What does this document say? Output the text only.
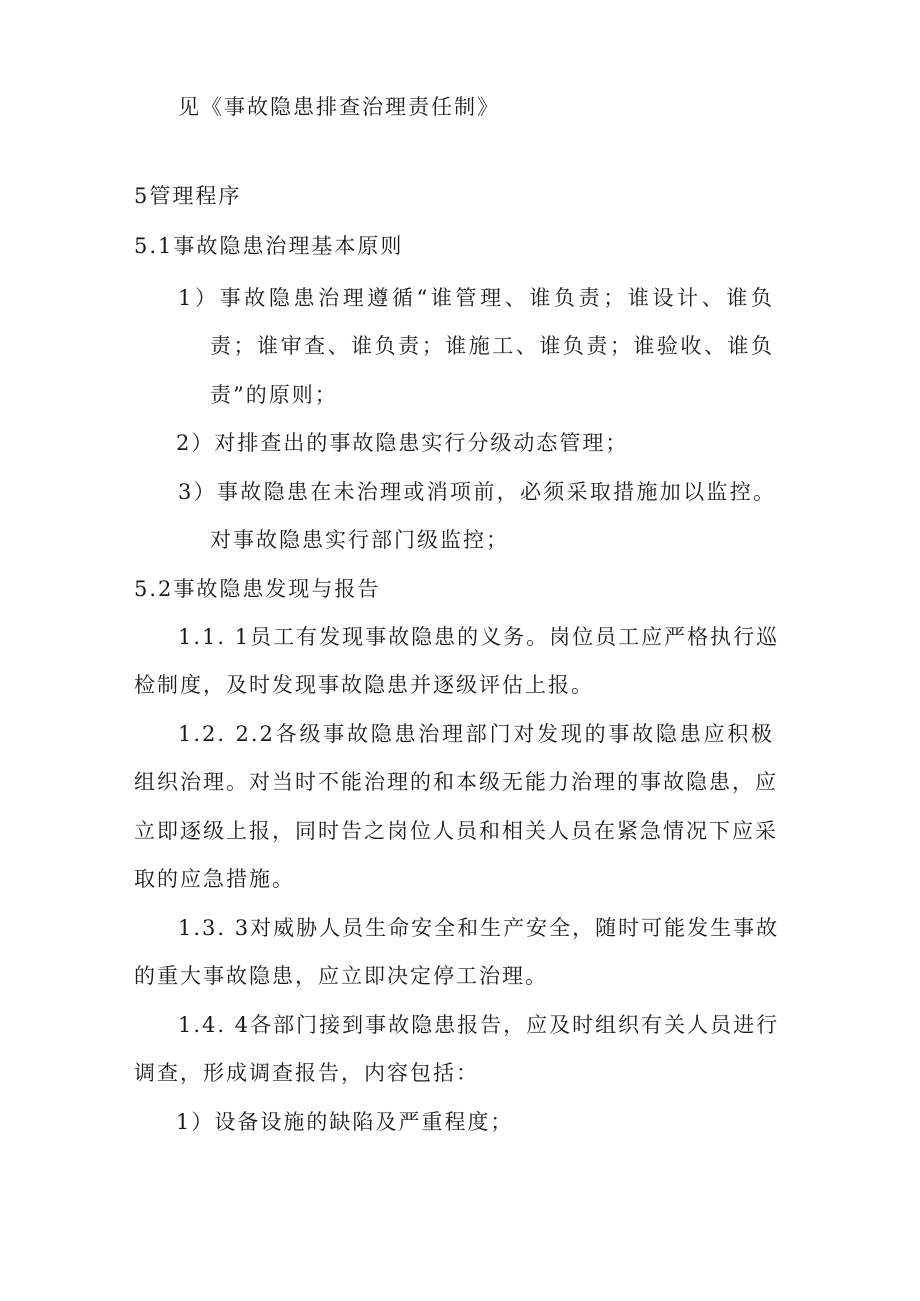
见《事故隐患排查治理责任制》
5管理程序
5.1事故隐患治理基本原则
1）事故隐患治理遵循“谁管理、谁负责；谁设计、谁负
责；谁审查、谁负责；谁施工、谁负责；谁验收、谁负
责”的原则；
2）对排查出的事故隐患实行分级动态管理；
3）事故隐患在未治理或消项前，必须采取措施加以监控。
对事故隐患实行部门级监控；
5.2事故隐患发现与报告
1.1. 1员工有发现事故隐患的义务。岗位员工应严格执行巡
检制度，及时发现事故隐患并逐级评估上报。
1.2. 2.2各级事故隐患治理部门对发现的事故隐患应积极
组织治理。对当时不能治理的和本级无能力治理的事故隐患，应
立即逐级上报，同时告之岗位人员和相关人员在紧急情况下应采
取的应急措施。
1.3. 3对威胁人员生命安全和生产安全，随时可能发生事故
的重大事故隐患，应立即决定停工治理。
1.4. 4各部门接到事故隐患报告，应及时组织有关人员进行
调查，形成调查报告，内容包括：
1）设备设施的缺陷及严重程度；
